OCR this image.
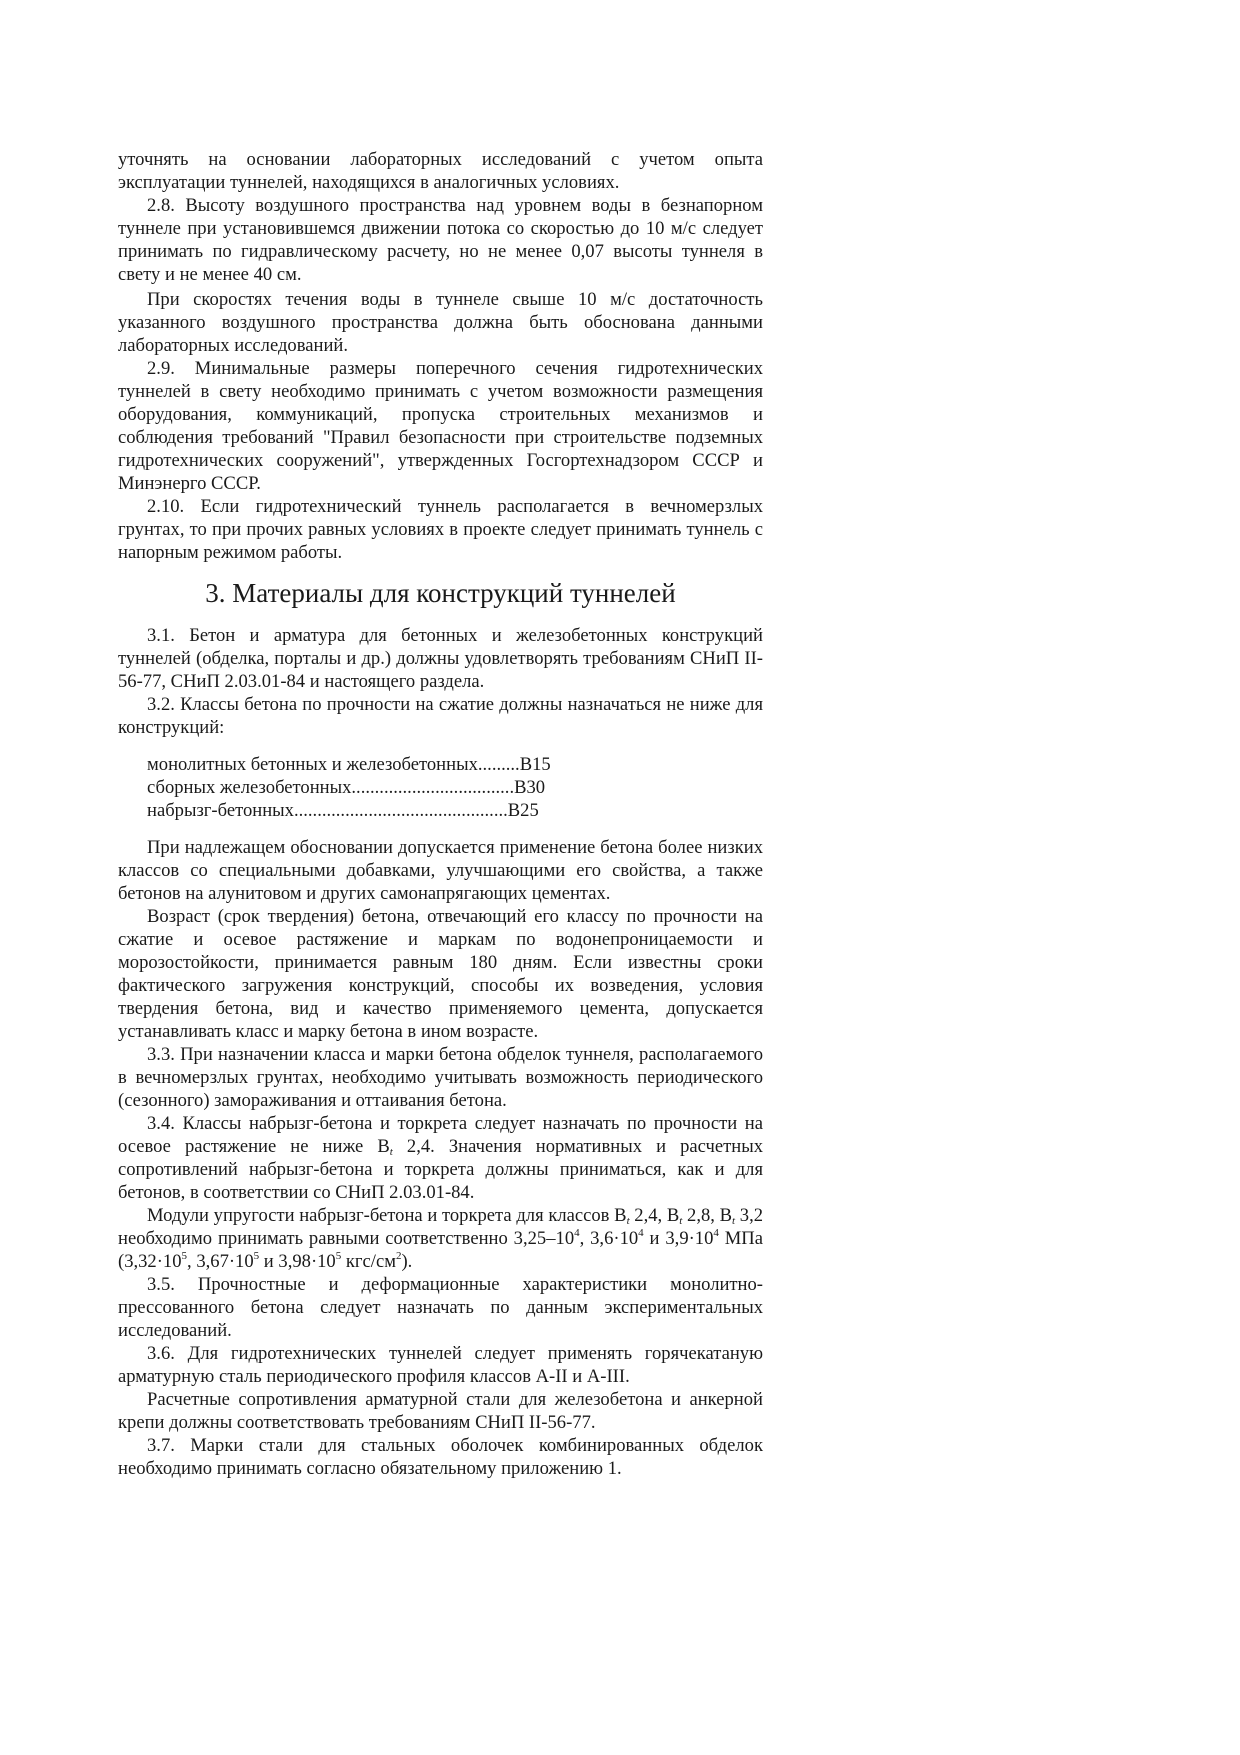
уточнять на основании лабораторных исследований с учетом опыта эксплуатации туннелей, находящихся в аналогичных условиях.

2.8. Высоту воздушного пространства над уровнем воды в безнапорном туннеле при установившемся движении потока со скоростью до 10 м/с следует принимать по гидравлическому расчету, но не менее 0,07 высоты туннеля в свету и не менее 40 см.

При скоростях течения воды в туннеле свыше 10 м/с достаточность указанного воздушного пространства должна быть обоснована данными лабораторных исследований.

2.9. Минимальные размеры поперечного сечения гидротехнических туннелей в свету необходимо принимать с учетом возможности размещения оборудования, коммуникаций, пропуска строительных механизмов и соблюдения требований "Правил безопасности при строительстве подземных гидротехнических сооружений", утвержденных Госгортехнадзором СССР и Минэнерго СССР.

2.10. Если гидротехнический туннель располагается в вечномерзлых грунтах, то при прочих равных условиях в проекте следует принимать туннель с напорным режимом работы.

3. Материалы для конструкций туннелей

3.1. Бетон и арматура для бетонных и железобетонных конструкций туннелей (обделка, порталы и др.) должны удовлетворять требованиям СНиП II-56-77, СНиП 2.03.01-84 и настоящего раздела.

3.2. Классы бетона по прочности на сжатие должны назначаться не ниже для конструкций:

монолитных бетонных и железобетонных.........В15
сборных железобетонных...................................В30
набрызг-бетонных..............................................В25

При надлежащем обосновании допускается применение бетона более низких классов со специальными добавками, улучшающими его свойства, а также бетонов на алунитовом и других самонапрягающих цементах.

Возраст (срок твердения) бетона, отвечающий его классу по прочности на сжатие и осевое растяжение и маркам по водонепроницаемости и морозостойкости, принимается равным 180 дням. Если известны сроки фактического загружения конструкций, способы их возведения, условия твердения бетона, вид и качество применяемого цемента, допускается устанавливать класс и марку бетона в ином возрасте.

3.3. При назначении класса и марки бетона обделок туннеля, располагаемого в вечномерзлых грунтах, необходимо учитывать возможность периодического (сезонного) замораживания и оттаивания бетона.

3.4. Классы набрызг-бетона и торкрета следует назначать по прочности на осевое растяжение не ниже $В_t$ 2,4. Значения нормативных и расчетных сопротивлений набрызг-бетона и торкрета должны приниматься, как и для бетонов, в соответствии со СНиП 2.03.01-84.

Модули упругости набрызг-бетона и торкрета для классов $В_t$ 2,4, $В_t$ 2,8, $В_t$ 3,2 необходимо принимать равными соответственно $3,25-10^4$, $3,6\cdot 10^4$ и $3,9\cdot 10^4$ МПа ($3,32\cdot 10^5$, $3,67\cdot 10^5$ и $3,98\cdot 10^5$ кгс/$см^2$).

3.5. Прочностные и деформационные характеристики монолитно-прессованного бетона следует назначать по данным экспериментальных исследований.

3.6. Для гидротехнических туннелей следует применять горячекатаную арматурную сталь периодического профиля классов А-II и А-III.

Расчетные сопротивления арматурной стали для железобетона и анкерной крепи должны соответствовать требованиям СНиП II-56-77.

3.7. Марки стали для стальных оболочек комбинированных обделок необходимо принимать согласно обязательному приложению 1.
